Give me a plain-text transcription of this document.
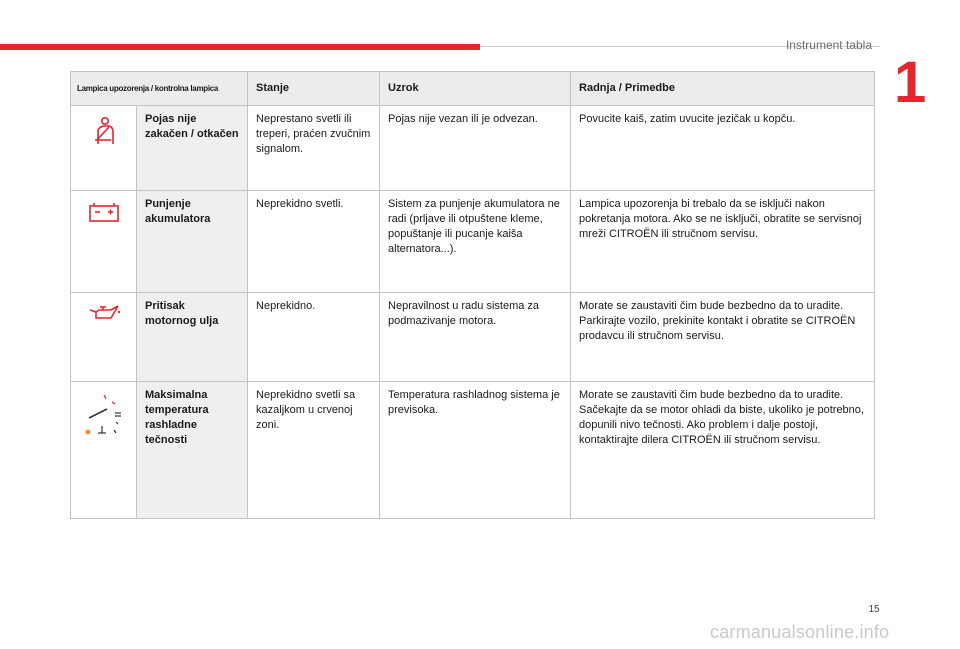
Instrument tabla
1
Lampica upozorenja / kontrolna lampica		Stanje	Uzrok	Radnja / Primedbe

	Pojas nije zakačen / otkačen	Neprestano svetli ili treperi, praćen zvučnim signalom.	Pojas nije vezan ili je odvezan.	Povucite kaiš, zatim uvucite jezičak u kopču.

	Punjenje akumulatora	Neprekidno svetli.	Sistem za punjenje akumulatora ne radi (prljave ili otpuštene kleme, popuštanje ili pucanje kaiša alternatora...).	Lampica upozorenja bi trebalo da se isključi nakon pokretanja motora. Ako se ne isključi, obratite se servisnoj mreži CITROËN ili stručnom servisu.

	Pritisak motornog ulja	Neprekidno.	Nepravilnost u radu sistema za podmazivanje motora.	Morate se zaustaviti čim bude bezbedno da to uradite. Parkirajte vozilo, prekinite kontakt i obratite se CITROËN prodavcu ili stručnom servisu.

	Maksimalna temperatura rashladne tečnosti	Neprekidno svetli sa kazaljkom u crvenoj zoni.	Temperatura rashladnog sistema je previsoka.	Morate se zaustaviti čim bude bezbedno da to uradite. Sačekajte da se motor ohladi da biste, ukoliko je potrebno, dopunili nivo tečnosti. Ako problem i dalje postoji, kontaktirajte dilera CITROËN ili stručnom servisu.
15
carmanualsonline.info
